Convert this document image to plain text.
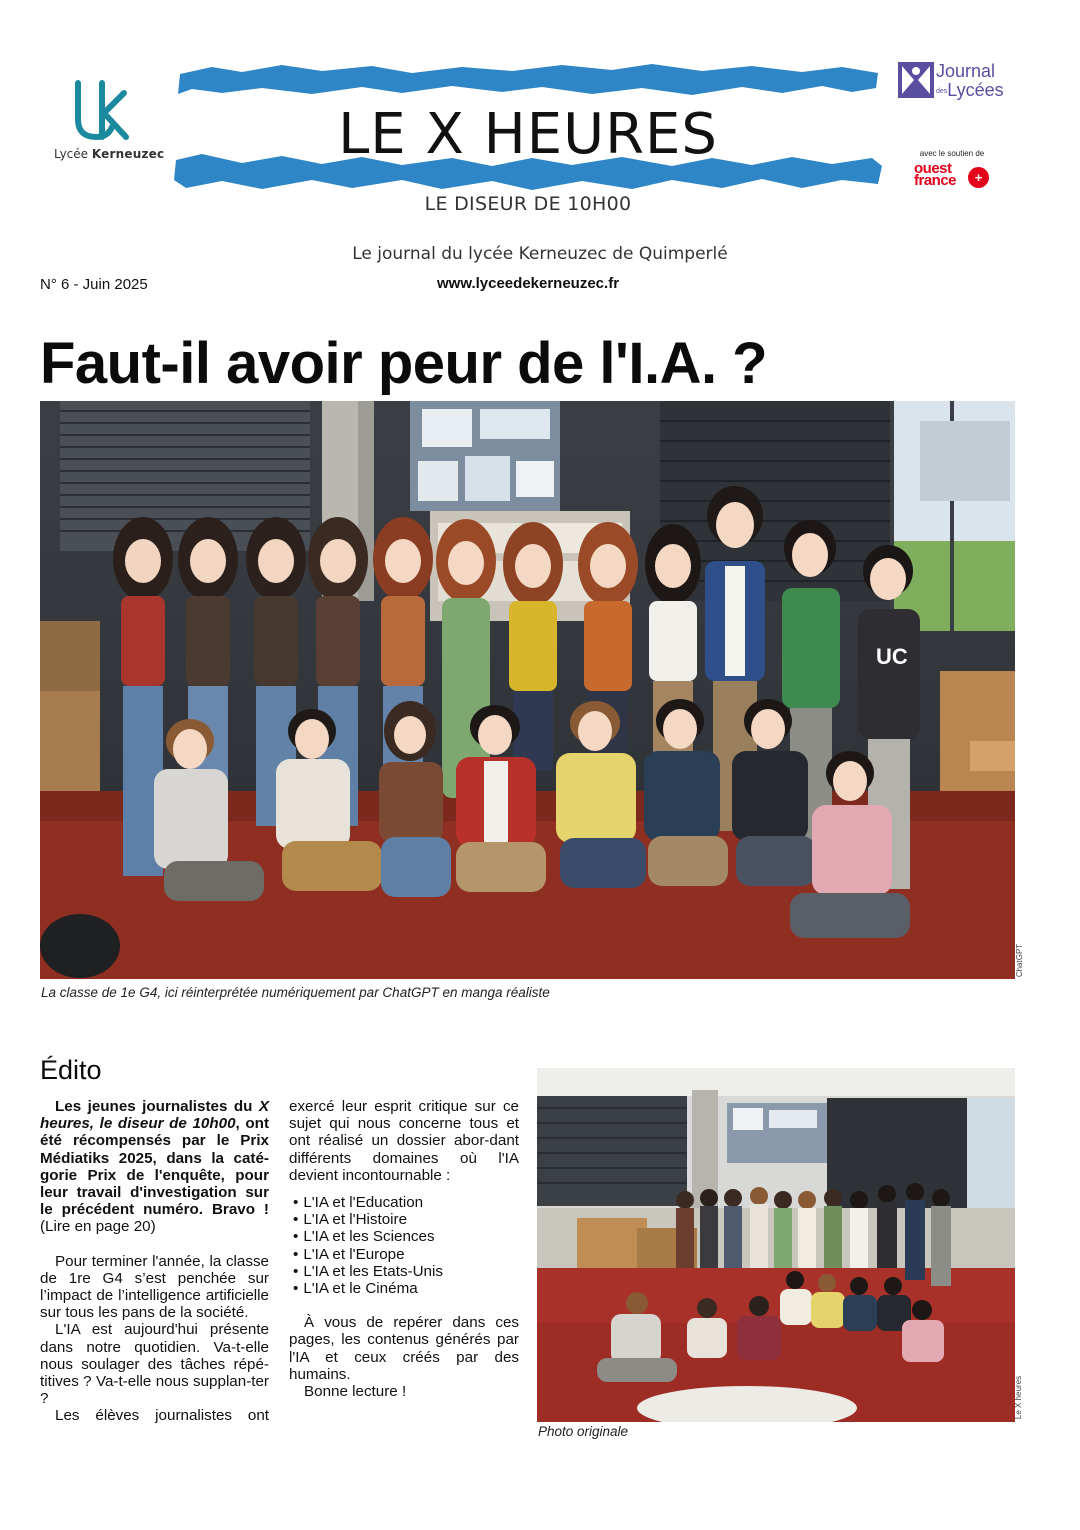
Lycée Kerneuzec	LE X HEURES
LE DISEUR DE 10H00
Journal
desLycées
avec le soutien de
ouest
france	+
Le journal du lycée Kerneuzec de Quimperlé
N° 6 - Juin 2025	www.lyceedekerneuzec.fr
Faut-il avoir peur de l'I.A. ?
UC
ChatGPT
La classe de 1e G4, ici réinterprétée numériquement par ChatGPT en manga réaliste
Édito

Les jeunes journalistes du X heures, le diseur de 10h00, ont été récompensés par le Prix Médiatiks 2025, dans la caté-gorie Prix de l'enquête, pour leur travail d'investigation sur le précédent numéro. Bravo ! (Lire en page 20)

Pour terminer l'année, la classe de 1re G4 s’est penchée sur l’impact de l’intelligence artificielle sur tous les pans de la société.

L'IA est aujourd'hui présente dans notre quotidien. Va-t-elle nous soulager des tâches répé-titives ? Va-t-elle nous supplan-ter ?

Les élèves journalistes ont

exercé leur esprit critique sur ce sujet qui nous concerne tous et ont réalisé un dossier abor-dant différents domaines où l'IA devient incontournable :

• L'IA et l'Education
• L'IA et l'Histoire
• L'IA et les Sciences
• L'IA et l'Europe
• L'IA et les Etats-Unis
• L'IA et le Cinéma

À vous de repérer dans ces pages, les contenus générés par l'IA et ceux créés par des humains.

Bonne lecture !	Le X heures
Photo originale
